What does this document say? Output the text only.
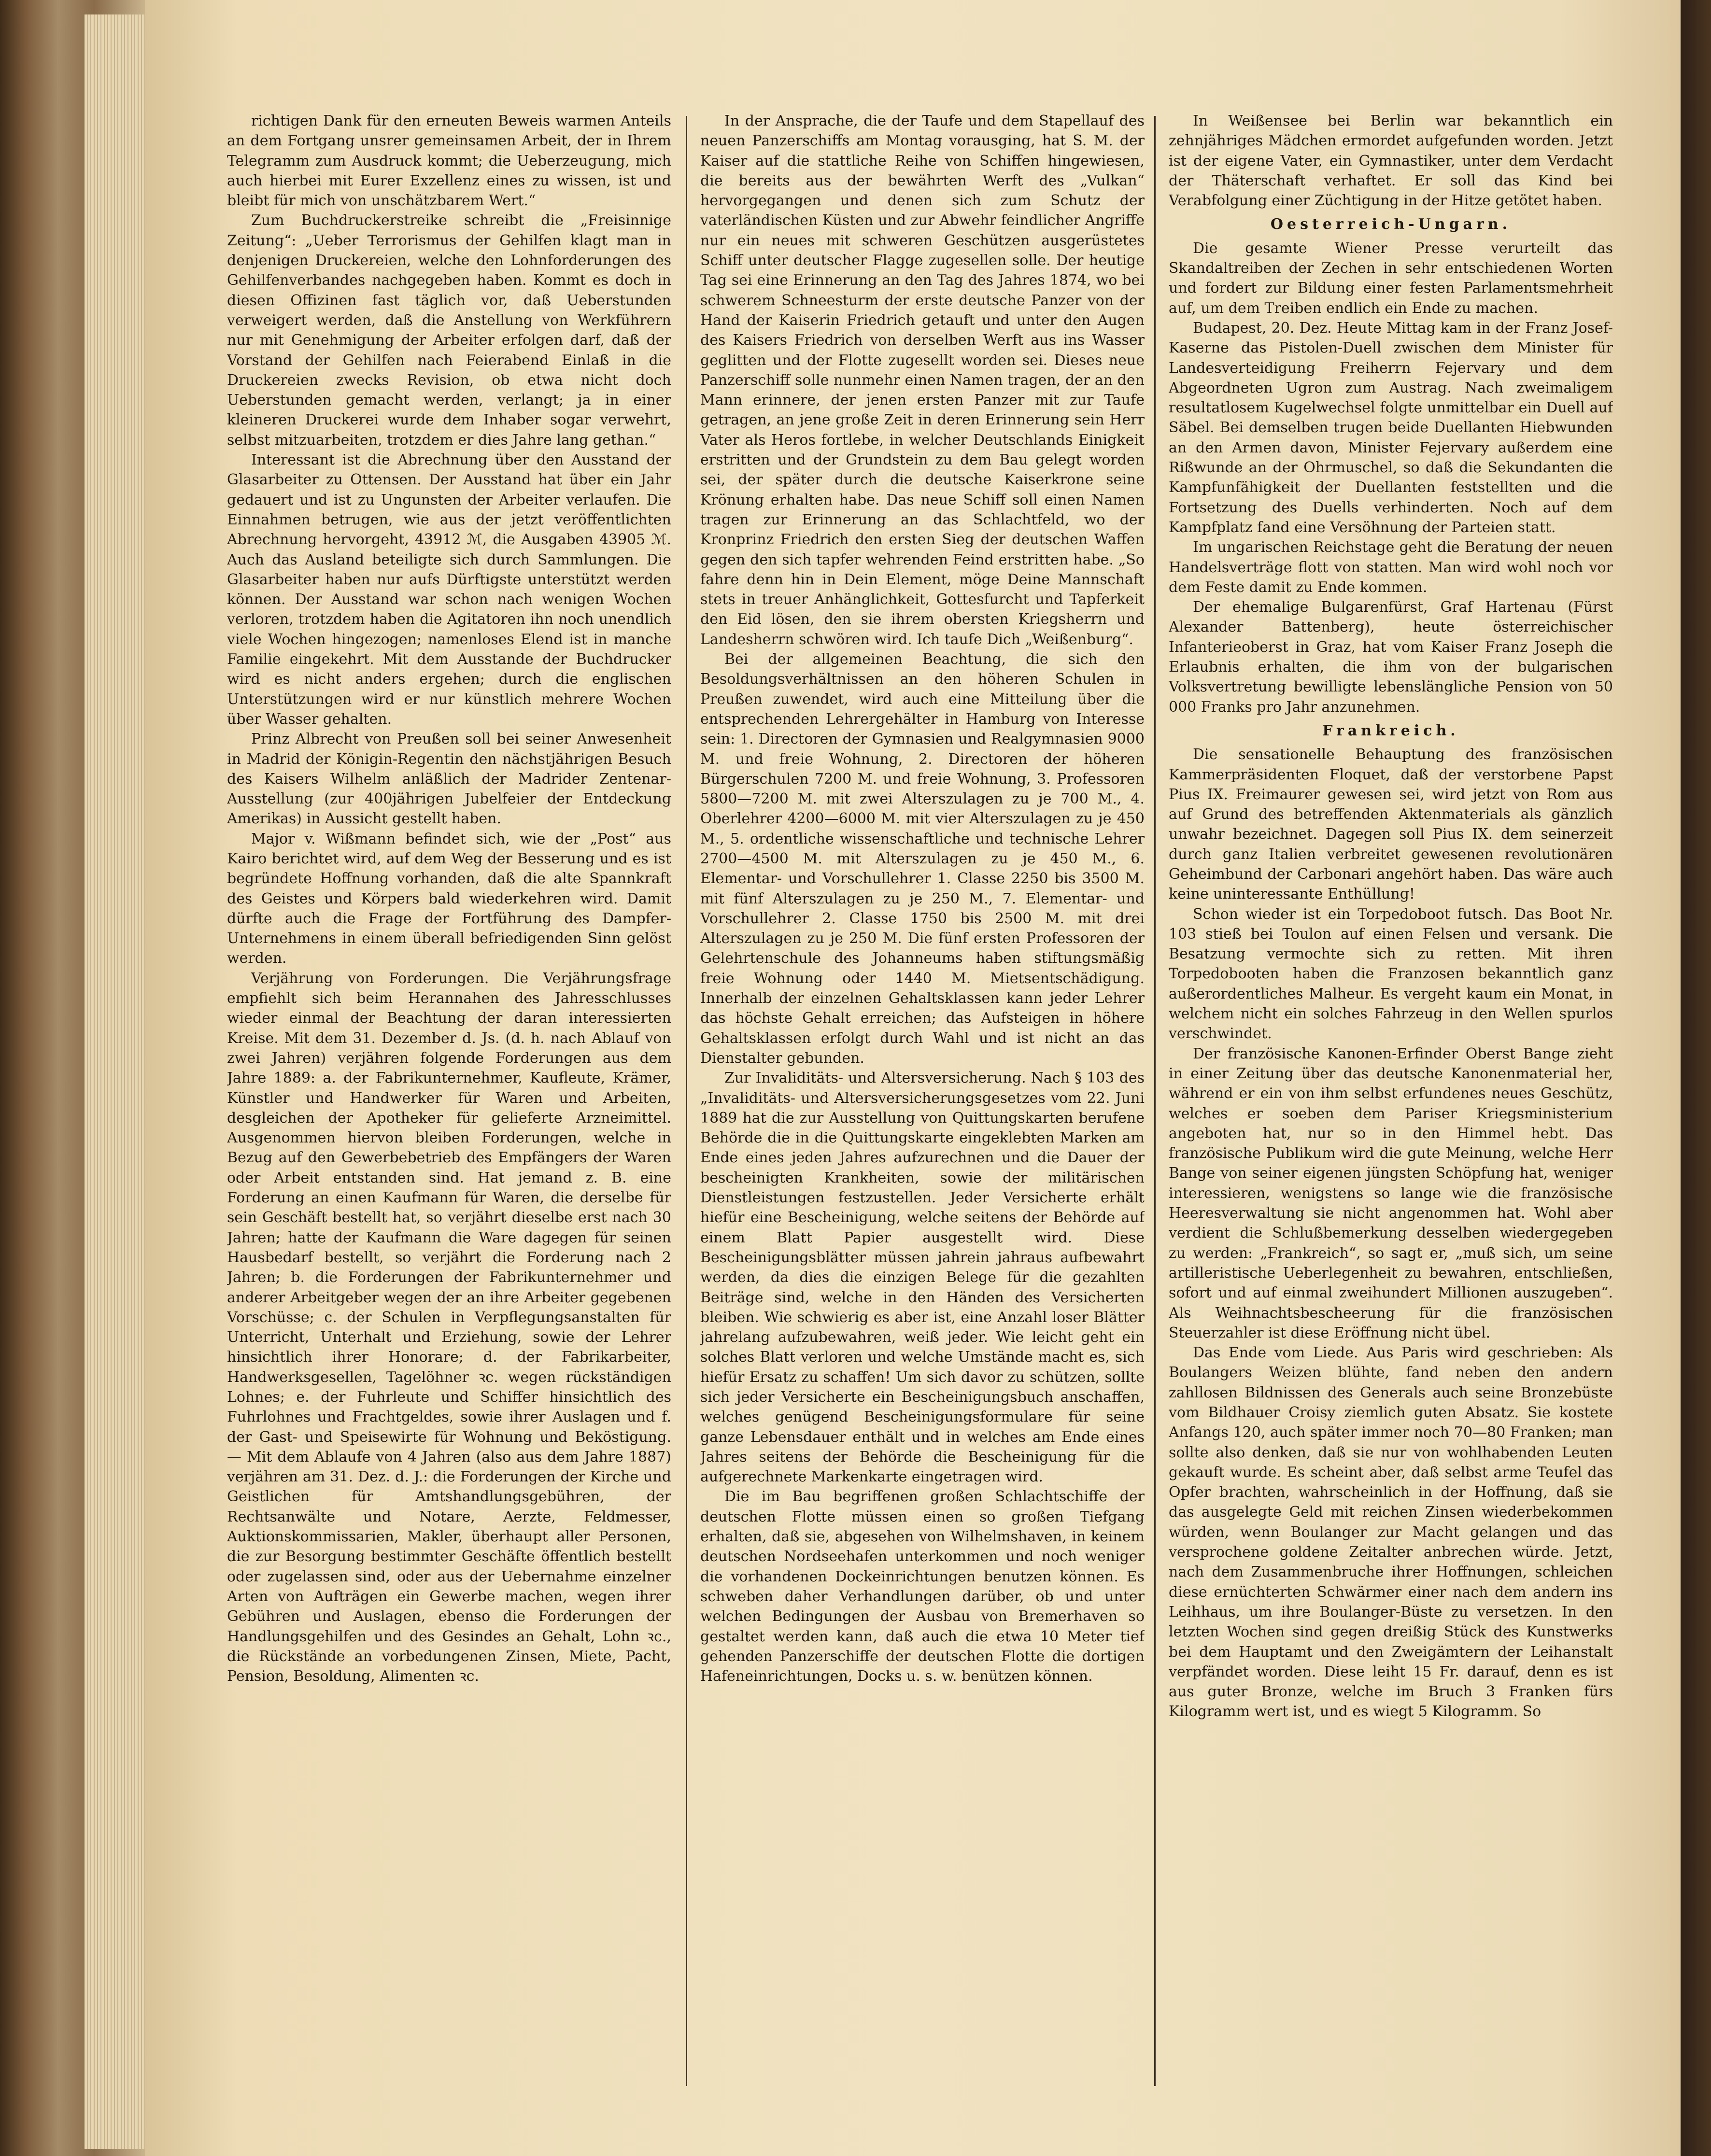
richtigen Dank für den erneuten Beweis warmen Anteils an dem Fortgang unsrer gemeinsamen Arbeit, der in Ihrem Telegramm zum Ausdruck kommt; die Ueberzeugung, mich auch hierbei mit Eurer Exzellenz eines zu wissen, ist und bleibt für mich von unschätzbarem Wert.“

Zum Buchdruckerstreike schreibt die „Freisinnige Zeitung“: „Ueber Terrorismus der Gehilfen klagt man in denjenigen Druckereien, welche den Lohnforderungen des Gehilfenverbandes nachgegeben haben. Kommt es doch in diesen Offizinen fast täglich vor, daß Ueberstunden verweigert werden, daß die Anstellung von Werkführern nur mit Genehmigung der Arbeiter erfolgen darf, daß der Vorstand der Gehilfen nach Feierabend Einlaß in die Druckereien zwecks Revision, ob etwa nicht doch Ueberstunden gemacht werden, verlangt; ja in einer kleineren Druckerei wurde dem Inhaber sogar verwehrt, selbst mitzuarbeiten, trotzdem er dies Jahre lang gethan.“

Interessant ist die Abrechnung über den Ausstand der Glasarbeiter zu Ottensen. Der Ausstand hat über ein Jahr gedauert und ist zu Ungunsten der Arbeiter verlaufen. Die Einnahmen betrugen, wie aus der jetzt veröffentlichten Abrechnung hervorgeht, 43912 ℳ, die Ausgaben 43905 ℳ. Auch das Ausland beteiligte sich durch Sammlungen. Die Glasarbeiter haben nur aufs Dürftigste unterstützt werden können. Der Ausstand war schon nach wenigen Wochen verloren, trotzdem haben die Agitatoren ihn noch unendlich viele Wochen hingezogen; namenloses Elend ist in manche Familie eingekehrt. Mit dem Ausstande der Buchdrucker wird es nicht anders ergehen; durch die englischen Unterstützungen wird er nur künstlich mehrere Wochen über Wasser gehalten.

Prinz Albrecht von Preußen soll bei seiner Anwesenheit in Madrid der Königin-Regentin den nächstjährigen Besuch des Kaisers Wilhelm anläßlich der Madrider Zentenar-Ausstellung (zur 400jährigen Jubelfeier der Entdeckung Amerikas) in Aussicht gestellt haben.

Major v. Wißmann befindet sich, wie der „Post“ aus Kairo berichtet wird, auf dem Weg der Besserung und es ist begründete Hoffnung vorhanden, daß die alte Spannkraft des Geistes und Körpers bald wiederkehren wird. Damit dürfte auch die Frage der Fortführung des Dampfer-Unternehmens in einem überall befriedigenden Sinn gelöst werden.

Verjährung von Forderungen. Die Verjährungsfrage empfiehlt sich beim Herannahen des Jahresschlusses wieder einmal der Beachtung der daran interessierten Kreise. Mit dem 31. Dezember d. Js. (d. h. nach Ablauf von zwei Jahren) verjähren folgende Forderungen aus dem Jahre 1889: a. der Fabrikunternehmer, Kaufleute, Krämer, Künstler und Handwerker für Waren und Arbeiten, desgleichen der Apotheker für gelieferte Arzneimittel. Ausgenommen hiervon bleiben Forderungen, welche in Bezug auf den Gewerbebetrieb des Empfängers der Waren oder Arbeit entstanden sind. Hat jemand z. B. eine Forderung an einen Kaufmann für Waren, die derselbe für sein Geschäft bestellt hat, so verjährt dieselbe erst nach 30 Jahren; hatte der Kaufmann die Ware dagegen für seinen Hausbedarf bestellt, so verjährt die Forderung nach 2 Jahren; b. die Forderungen der Fabrikunternehmer und anderer Arbeitgeber wegen der an ihre Arbeiter gegebenen Vorschüsse; c. der Schulen in Verpflegungsanstalten für Unterricht, Unterhalt und Erziehung, sowie der Lehrer hinsichtlich ihrer Honorare; d. der Fabrikarbeiter, Handwerksgesellen, Tagelöhner ꝛc. wegen rückständigen Lohnes; e. der Fuhrleute und Schiffer hinsichtlich des Fuhrlohnes und Frachtgeldes, sowie ihrer Auslagen und f. der Gast- und Speisewirte für Wohnung und Beköstigung. — Mit dem Ablaufe von 4 Jahren (also aus dem Jahre 1887) verjähren am 31. Dez. d. J.: die Forderungen der Kirche und Geistlichen für Amtshandlungsgebühren, der Rechtsanwälte und Notare, Aerzte, Feldmesser, Auktionskommissarien, Makler, überhaupt aller Personen, die zur Besorgung bestimmter Geschäfte öffentlich bestellt oder zugelassen sind, oder aus der Uebernahme einzelner Arten von Aufträgen ein Gewerbe machen, wegen ihrer Gebühren und Auslagen, ebenso die Forderungen der Handlungsgehilfen und des Gesindes an Gehalt, Lohn ꝛc., die Rückstände an vorbedungenen Zinsen, Miete, Pacht, Pension, Besoldung, Alimenten ꝛc.

In der Ansprache, die der Taufe und dem Stapellauf des neuen Panzerschiffs am Montag vorausging, hat S. M. der Kaiser auf die stattliche Reihe von Schiffen hingewiesen, die bereits aus der bewährten Werft des „Vulkan“ hervorgegangen und denen sich zum Schutz der vaterländischen Küsten und zur Abwehr feindlicher Angriffe nur ein neues mit schweren Geschützen ausgerüstetes Schiff unter deutscher Flagge zugesellen solle. Der heutige Tag sei eine Erinnerung an den Tag des Jahres 1874, wo bei schwerem Schneesturm der erste deutsche Panzer von der Hand der Kaiserin Friedrich getauft und unter den Augen des Kaisers Friedrich von derselben Werft aus ins Wasser geglitten und der Flotte zugesellt worden sei. Dieses neue Panzerschiff solle nunmehr einen Namen tragen, der an den Mann erinnere, der jenen ersten Panzer mit zur Taufe getragen, an jene große Zeit in deren Erinnerung sein Herr Vater als Heros fortlebe, in welcher Deutschlands Einigkeit erstritten und der Grundstein zu dem Bau gelegt worden sei, der später durch die deutsche Kaiserkrone seine Krönung erhalten habe. Das neue Schiff soll einen Namen tragen zur Erinnerung an das Schlachtfeld, wo der Kronprinz Friedrich den ersten Sieg der deutschen Waffen gegen den sich tapfer wehrenden Feind erstritten habe. „So fahre denn hin in Dein Element, möge Deine Mannschaft stets in treuer Anhänglichkeit, Gottesfurcht und Tapferkeit den Eid lösen, den sie ihrem obersten Kriegsherrn und Landesherrn schwören wird. Ich taufe Dich „Weißenburg“.

Bei der allgemeinen Beachtung, die sich den Besoldungsverhältnissen an den höheren Schulen in Preußen zuwendet, wird auch eine Mitteilung über die entsprechenden Lehrergehälter in Hamburg von Interesse sein: 1. Directoren der Gymnasien und Realgymnasien 9000 M. und freie Wohnung, 2. Directoren der höheren Bürgerschulen 7200 M. und freie Wohnung, 3. Professoren 5800—7200 M. mit zwei Alterszulagen zu je 700 M., 4. Oberlehrer 4200—6000 M. mit vier Alterszulagen zu je 450 M., 5. ordentliche wissenschaftliche und technische Lehrer 2700—4500 M. mit Alterszulagen zu je 450 M., 6. Elementar- und Vorschullehrer 1. Classe 2250 bis 3500 M. mit fünf Alterszulagen zu je 250 M., 7. Elementar- und Vorschullehrer 2. Classe 1750 bis 2500 M. mit drei Alterszulagen zu je 250 M. Die fünf ersten Professoren der Gelehrtenschule des Johanneums haben stiftungsmäßig freie Wohnung oder 1440 M. Mietsentschädigung. Innerhalb der einzelnen Gehaltsklassen kann jeder Lehrer das höchste Gehalt erreichen; das Aufsteigen in höhere Gehaltsklassen erfolgt durch Wahl und ist nicht an das Dienstalter gebunden.

Zur Invaliditäts- und Altersversicherung. Nach § 103 des „Invaliditäts- und Altersversicherungsgesetzes vom 22. Juni 1889 hat die zur Ausstellung von Quittungskarten berufene Behörde die in die Quittungskarte eingeklebten Marken am Ende eines jeden Jahres aufzurechnen und die Dauer der bescheinigten Krankheiten, sowie der militärischen Dienstleistungen festzustellen. Jeder Versicherte erhält hiefür eine Bescheinigung, welche seitens der Behörde auf einem Blatt Papier ausgestellt wird. Diese Bescheinigungsblätter müssen jahrein jahraus aufbewahrt werden, da dies die einzigen Belege für die gezahlten Beiträge sind, welche in den Händen des Versicherten bleiben. Wie schwierig es aber ist, eine Anzahl loser Blätter jahrelang aufzubewahren, weiß jeder. Wie leicht geht ein solches Blatt verloren und welche Umstände macht es, sich hiefür Ersatz zu schaffen! Um sich davor zu schützen, sollte sich jeder Versicherte ein Bescheinigungsbuch anschaffen, welches genügend Bescheinigungsformulare für seine ganze Lebensdauer enthält und in welches am Ende eines Jahres seitens der Behörde die Bescheinigung für die aufgerechnete Markenkarte eingetragen wird.

Die im Bau begriffenen großen Schlachtschiffe der deutschen Flotte müssen einen so großen Tiefgang erhalten, daß sie, abgesehen von Wilhelmshaven, in keinem deutschen Nordseehafen unterkommen und noch weniger die vorhandenen Dockeinrichtungen benutzen können. Es schweben daher Verhandlungen darüber, ob und unter welchen Bedingungen der Ausbau von Bremerhaven so gestaltet werden kann, daß auch die etwa 10 Meter tief gehenden Panzerschiffe der deutschen Flotte die dortigen Hafeneinrichtungen, Docks u. s. w. benützen können.

In Weißensee bei Berlin war bekanntlich ein zehnjähriges Mädchen ermordet aufgefunden worden. Jetzt ist der eigene Vater, ein Gymnastiker, unter dem Verdacht der Thäterschaft verhaftet. Er soll das Kind bei Verabfolgung einer Züchtigung in der Hitze getötet haben.

Oesterreich-Ungarn.

Die gesamte Wiener Presse verurteilt das Skandaltreiben der Zechen in sehr entschiedenen Worten und fordert zur Bildung einer festen Parlamentsmehrheit auf, um dem Treiben endlich ein Ende zu machen.

Budapest, 20. Dez. Heute Mittag kam in der Franz Josef-Kaserne das Pistolen-Duell zwischen dem Minister für Landesverteidigung Freiherrn Fejervary und dem Abgeordneten Ugron zum Austrag. Nach zweimaligem resultatlosem Kugelwechsel folgte unmittelbar ein Duell auf Säbel. Bei demselben trugen beide Duellanten Hiebwunden an den Armen davon, Minister Fejervary außerdem eine Rißwunde an der Ohrmuschel, so daß die Sekundanten die Kampfunfähigkeit der Duellanten feststellten und die Fortsetzung des Duells verhinderten. Noch auf dem Kampfplatz fand eine Versöhnung der Parteien statt.

Im ungarischen Reichstage geht die Beratung der neuen Handelsverträge flott von statten. Man wird wohl noch vor dem Feste damit zu Ende kommen.

Der ehemalige Bulgarenfürst, Graf Hartenau (Fürst Alexander Battenberg), heute österreichischer Infanterieoberst in Graz, hat vom Kaiser Franz Joseph die Erlaubnis erhalten, die ihm von der bulgarischen Volksvertretung bewilligte lebenslängliche Pension von 50 000 Franks pro Jahr anzunehmen.

Frankreich.

Die sensationelle Behauptung des französischen Kammerpräsidenten Floquet, daß der verstorbene Papst Pius IX. Freimaurer gewesen sei, wird jetzt von Rom aus auf Grund des betreffenden Aktenmaterials als gänzlich unwahr bezeichnet. Dagegen soll Pius IX. dem seinerzeit durch ganz Italien verbreitet gewesenen revolutionären Geheimbund der Carbonari angehört haben. Das wäre auch keine uninteressante Enthüllung!

Schon wieder ist ein Torpedoboot futsch. Das Boot Nr. 103 stieß bei Toulon auf einen Felsen und versank. Die Besatzung vermochte sich zu retten. Mit ihren Torpedobooten haben die Franzosen bekanntlich ganz außerordentliches Malheur. Es vergeht kaum ein Monat, in welchem nicht ein solches Fahrzeug in den Wellen spurlos verschwindet.

Der französische Kanonen-Erfinder Oberst Bange zieht in einer Zeitung über das deutsche Kanonenmaterial her, während er ein von ihm selbst erfundenes neues Geschütz, welches er soeben dem Pariser Kriegsministerium angeboten hat, nur so in den Himmel hebt. Das französische Publikum wird die gute Meinung, welche Herr Bange von seiner eigenen jüngsten Schöpfung hat, weniger interessieren, wenigstens so lange wie die französische Heeresverwaltung sie nicht angenommen hat. Wohl aber verdient die Schlußbemerkung desselben wiedergegeben zu werden: „Frankreich“, so sagt er, „muß sich, um seine artilleristische Ueberlegenheit zu bewahren, entschließen, sofort und auf einmal zweihundert Millionen auszugeben“. Als Weihnachtsbescheerung für die französischen Steuerzahler ist diese Eröffnung nicht übel.

Das Ende vom Liede. Aus Paris wird geschrieben: Als Boulangers Weizen blühte, fand neben den andern zahllosen Bildnissen des Generals auch seine Bronzebüste vom Bildhauer Croisy ziemlich guten Absatz. Sie kostete Anfangs 120, auch später immer noch 70—80 Franken; man sollte also denken, daß sie nur von wohlhabenden Leuten gekauft wurde. Es scheint aber, daß selbst arme Teufel das Opfer brachten, wahrscheinlich in der Hoffnung, daß sie das ausgelegte Geld mit reichen Zinsen wiederbekommen würden, wenn Boulanger zur Macht gelangen und das versprochene goldene Zeitalter anbrechen würde. Jetzt, nach dem Zusammenbruche ihrer Hoffnungen, schleichen diese ernüchterten Schwärmer einer nach dem andern ins Leihhaus, um ihre Boulanger-Büste zu versetzen. In den letzten Wochen sind gegen dreißig Stück des Kunstwerks bei dem Hauptamt und den Zweigämtern der Leihanstalt verpfändet worden. Diese leiht 15 Fr. darauf, denn es ist aus guter Bronze, welche im Bruch 3 Franken fürs Kilogramm wert ist, und es wiegt 5 Kilogramm. So
